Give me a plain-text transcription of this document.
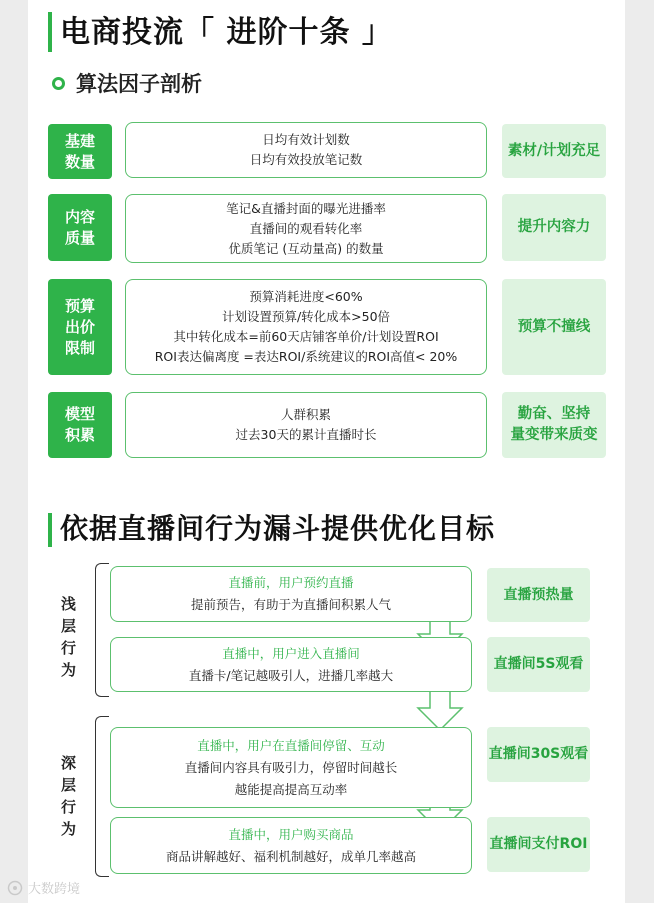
电商投流「 进阶十条 」
算法因子剖析
基建
数量
日均有效计划数
日均有效投放笔记数
素材/计划充足
内容
质量
笔记&直播封面的曝光进播率
直播间的观看转化率
优质笔记 (互动量高) 的数量
提升内容力
预算
出价
限制
预算消耗进度<60%
计划设置预算/转化成本>50倍
其中转化成本=前60天店铺客单价/计划设置ROI
ROI表达偏离度 =表达ROI/系统建议的ROI高值< 20%
预算不撞线
模型
积累
人群积累
过去30天的累计直播时长
勤奋、坚持
量变带来质变
依据直播间行为漏斗提供优化目标
浅
层
行
为
深
层
行
为
直播前，用户预约直播
提前预告，有助于为直播间积累人气
直播预热量
直播中，用户进入直播间
直播卡/笔记越吸引人，进播几率越大
直播间5S观看
直播中，用户在直播间停留、互动
直播间内容具有吸引力，停留时间越长
越能提高提高互动率
直播间30S观看
直播中，用户购买商品
商品讲解越好、福利机制越好，成单几率越高
直播间支付ROI
大数跨境
